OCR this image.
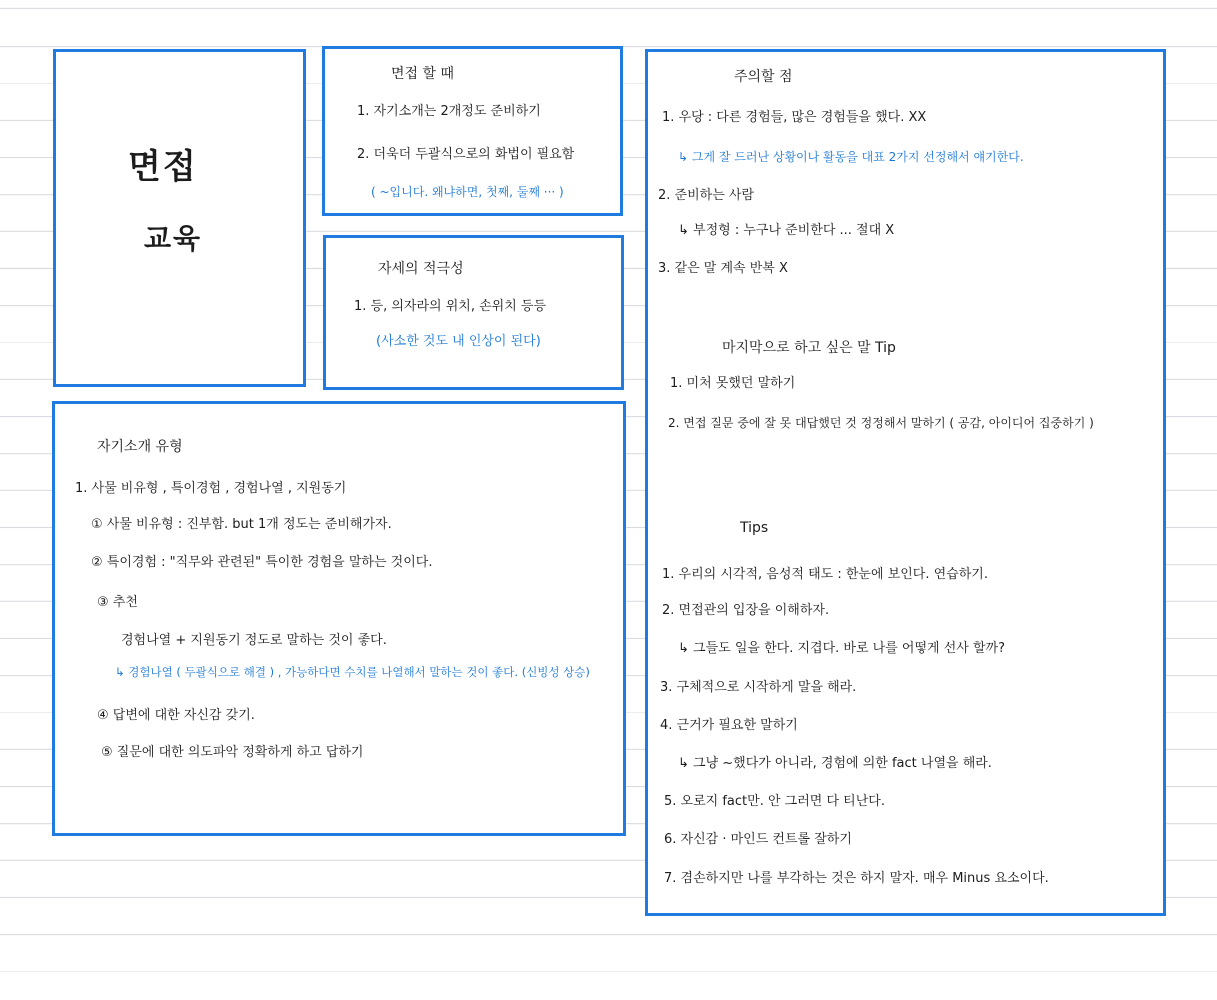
면접
교육
면접 할 때
1. 자기소개는 2개정도 준비하기
2. 더욱더 두괄식으로의 화법이 필요함
( ~입니다. 왜냐하면, 첫째, 둘째 ··· )
자세의 적극성
1. 등, 의자라의 위치, 손위치 등등
(사소한 것도 내 인상이 된다)
자기소개 유형
1. 사물 비유형 , 특이경험 , 경험나열 , 지원동기
① 사물 비유형 : 진부함. but 1개 정도는 준비해가자.
② 특이경험 : "직무와 관련된" 특이한 경험을 말하는 것이다.
③ 추천
경험나열 + 지원동기 정도로 말하는 것이 좋다.
↳ 경험나열 ( 두괄식으로 해결 ) , 가능하다면 수치를 나열해서 말하는 것이 좋다. (신빙성 상승)
④ 답변에 대한 자신감 갖기.
⑤ 질문에 대한 의도파악 정확하게 하고 답하기
주의할 점
1. 우당 : 다른 경험들, 많은 경험들을 했다. XX
↳ 그게 잘 드러난 상황이나 활동을 대표 2가지 선정해서 얘기한다.
2. 준비하는 사람
↳ 부정형 : 누구나 준비한다 ... 절대 X
3. 같은 말 계속 반복 X
마지막으로 하고 싶은 말 Tip
1. 미처 못했던 말하기
2. 면접 질문 중에 잘 못 대답했던 것 정정해서 말하기 ( 공감, 아이디어 집중하기 )
Tips
1. 우리의 시각적, 음성적 태도 : 한눈에 보인다. 연습하기.
2. 면접관의 입장을 이해하자.
↳ 그들도 일을 한다. 지겹다. 바로 나를 어떻게 선사 할까?
3. 구체적으로 시작하게 말을 해라.
4. 근거가 필요한 말하기
↳ 그냥 ~했다가 아니라, 경험에 의한 fact 나열을 해라.
5. 오로지 fact만. 안 그러면 다 티난다.
6. 자신감 · 마인드 컨트롤 잘하기
7. 겸손하지만 나를 부각하는 것은 하지 말자. 매우 Minus 요소이다.
